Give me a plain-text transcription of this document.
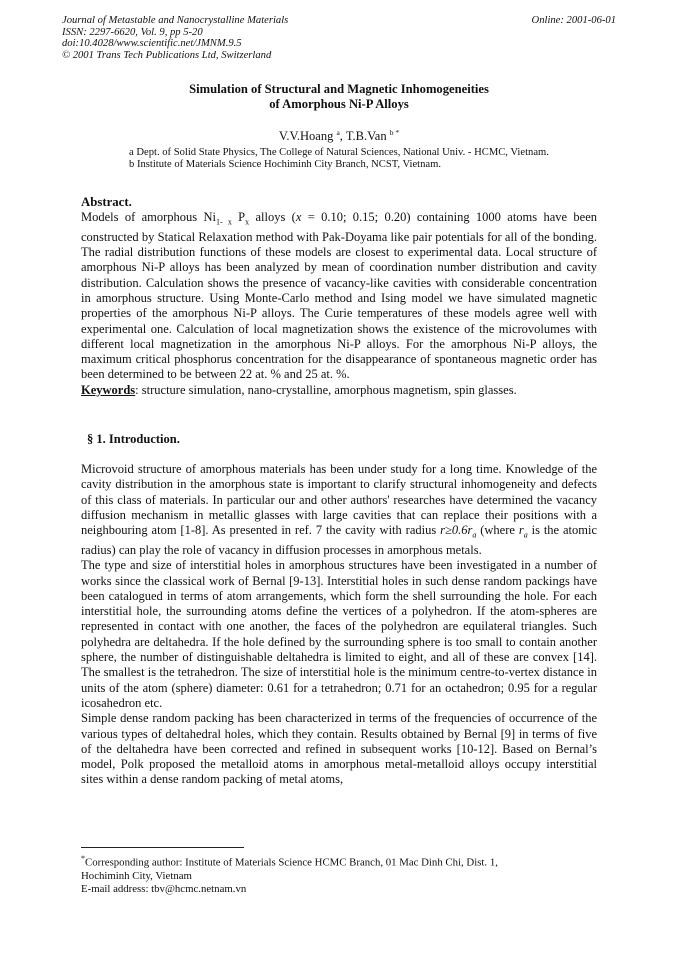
Journal of Metastable and Nanocrystalline Materials
ISSN: 2297-6620, Vol. 9, pp 5-20
doi:10.4028/www.scientific.net/JMNM.9.5
© 2001 Trans Tech Publications Ltd, Switzerland
Online: 2001-06-01
Simulation of Structural and Magnetic Inhomogeneities
of Amorphous Ni-P Alloys
V.V.Hoang $^a$, T.B.Van $^{b *}$
a Dept. of Solid State Physics, The College of Natural Sciences, National Univ. - HCMC, Vietnam.
b Institute of Materials Science Hochiminh City Branch, NCST, Vietnam.
Abstract.

Models of amorphous $Ni_{1- x}$ $P_x$ alloys (x = 0.10; 0.15; 0.20) containing 1000 atoms have been constructed by Statical Relaxation method with Pak-Doyama like pair potentials for all of the bonding. The radial distribution functions of these models are closest to experimental data. Local structure of amorphous Ni-P alloys has been analyzed by mean of coordination number distribution and cavity distribution. Calculation shows the presence of vacancy-like cavities with considerable concentration in amorphous structure. Using Monte-Carlo method and Ising model we have simulated magnetic properties of the amorphous Ni-P alloys. The Curie temperatures of these models agree well with experimental one. Calculation of local magnetization shows the existence of the microvolumes with different local magnetization in the amorphous Ni-P alloys. For the amorphous Ni-P alloys, the maximum critical phosphorus concentration for the disappearance of spontaneous magnetic order has been determined to be between 22 at. % and 25 at. %.

Keywords: structure simulation, nano-crystalline, amorphous magnetism, spin glasses.

§ 1. Introduction.

Microvoid structure of amorphous materials has been under study for a long time. Knowledge of the cavity distribution in the amorphous state is important to clarify structural inhomogeneity and defects of this class of materials. In particular our and other authors' researches have determined the vacancy diffusion mechanism in metallic glasses with large cavities that can replace their positions with a neighbouring atom [1-8]. As presented in ref. 7 the cavity with radius $r\ge 0.6r_a$ (where $r_a$ is the atomic radius) can play the role of vacancy in diffusion processes in amorphous metals.

The type and size of interstitial holes in amorphous structures have been investigated in a number of works since the classical work of Bernal [9-13]. Interstitial holes in such dense random packings have been catalogued in terms of atom arrangements, which form the shell surrounding the hole. For each interstitial hole, the surrounding atoms define the vertices of a polyhedron. If the atom-spheres are represented in contact with one another, the faces of the polyhedron are equilateral triangles. Such polyhedra are deltahedra. If the hole defined by the surrounding sphere is too small to contain another sphere, the number of distinguishable deltahedra is limited to eight, and all of these are convex [14]. The smallest is the tetrahedron. The size of interstitial hole is the minimum centre-to-vertex distance in units of the atom (sphere) diameter: 0.61 for a tetrahedron; 0.71 for an octahedron; 0.95 for a regular icosahedron etc.

Simple dense random packing has been characterized in terms of the frequencies of occurrence of the various types of deltahedral holes, which they contain. Results obtained by Bernal [9] in terms of five of the deltahedra have been corrected and refined in subsequent works [10-12]. Based on Bernal’s model, Polk proposed the metalloid atoms in amorphous metal-metalloid alloys occupy interstitial sites within a dense random packing of metal atoms,

*Corresponding author: Institute of Materials Science HCMC Branch, 01 Mac Dinh Chi, Dist. 1,
Hochiminh City, Vietnam
E-mail address: tbv@hcmc.netnam.vn
